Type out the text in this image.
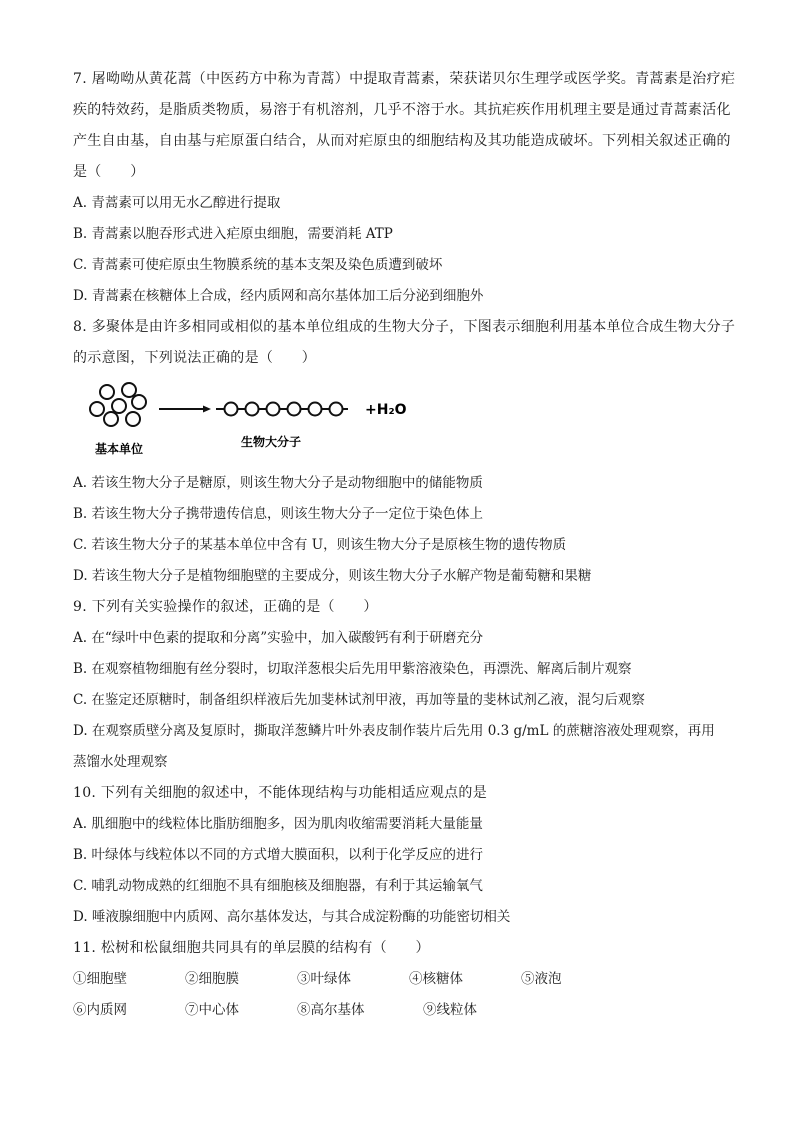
7. 屠呦呦从黄花蒿（中医药方中称为青蒿）中提取青蒿素，荣获诺贝尔生理学或医学奖。青蒿素是治疗疟
疾的特效药，是脂质类物质，易溶于有机溶剂，几乎不溶于水。其抗疟疾作用机理主要是通过青蒿素活化
产生自由基，自由基与疟原蛋白结合，从而对疟原虫的细胞结构及其功能造成破坏。下列相关叙述正确的
是（　　）
A. 青蒿素可以用无水乙醇进行提取
B. 青蒿素以胞吞形式进入疟原虫细胞，需要消耗 ATP
C. 青蒿素可使疟原虫生物膜系统的基本支架及染色质遭到破坏
D. 青蒿素在核糖体上合成，经内质网和高尔基体加工后分泌到细胞外
8. 多聚体是由许多相同或相似的基本单位组成的生物大分子，下图表示细胞利用基本单位合成生物大分子
的示意图，下列说法正确的是（　　）
+H₂O
基本单位	生物大分子
A. 若该生物大分子是糖原，则该生物大分子是动物细胞中的储能物质
B. 若该生物大分子携带遗传信息，则该生物大分子一定位于染色体上
C. 若该生物大分子的某基本单位中含有 U，则该生物大分子是原核生物的遗传物质
D. 若该生物大分子是植物细胞壁的主要成分，则该生物大分子水解产物是葡萄糖和果糖
9. 下列有关实验操作的叙述，正确的是（　　）
A. 在“绿叶中色素的提取和分离”实验中，加入碳酸钙有利于研磨充分
B. 在观察植物细胞有丝分裂时，切取洋葱根尖后先用甲紫溶液染色，再漂洗、解离后制片观察
C. 在鉴定还原糖时，制备组织样液后先加斐林试剂甲液，再加等量的斐林试剂乙液，混匀后观察
D. 在观察质壁分离及复原时，撕取洋葱鳞片叶外表皮制作装片后先用 0.3 g/mL 的蔗糖溶液处理观察，再用
蒸馏水处理观察
10. 下列有关细胞的叙述中，不能体现结构与功能相适应观点的是
A. 肌细胞中的线粒体比脂肪细胞多，因为肌肉收缩需要消耗大量能量
B. 叶绿体与线粒体以不同的方式增大膜面积，以利于化学反应的进行
C. 哺乳动物成熟的红细胞不具有细胞核及细胞器，有利于其运输氧气
D. 唾液腺细胞中内质网、高尔基体发达，与其合成淀粉酶的功能密切相关
11. 松树和松鼠细胞共同具有的单层膜的结构有（　　）
①细胞壁	②细胞膜	③叶绿体	④核糖体	⑤液泡
⑥内质网	⑦中心体	⑧高尔基体	⑨线粒体
